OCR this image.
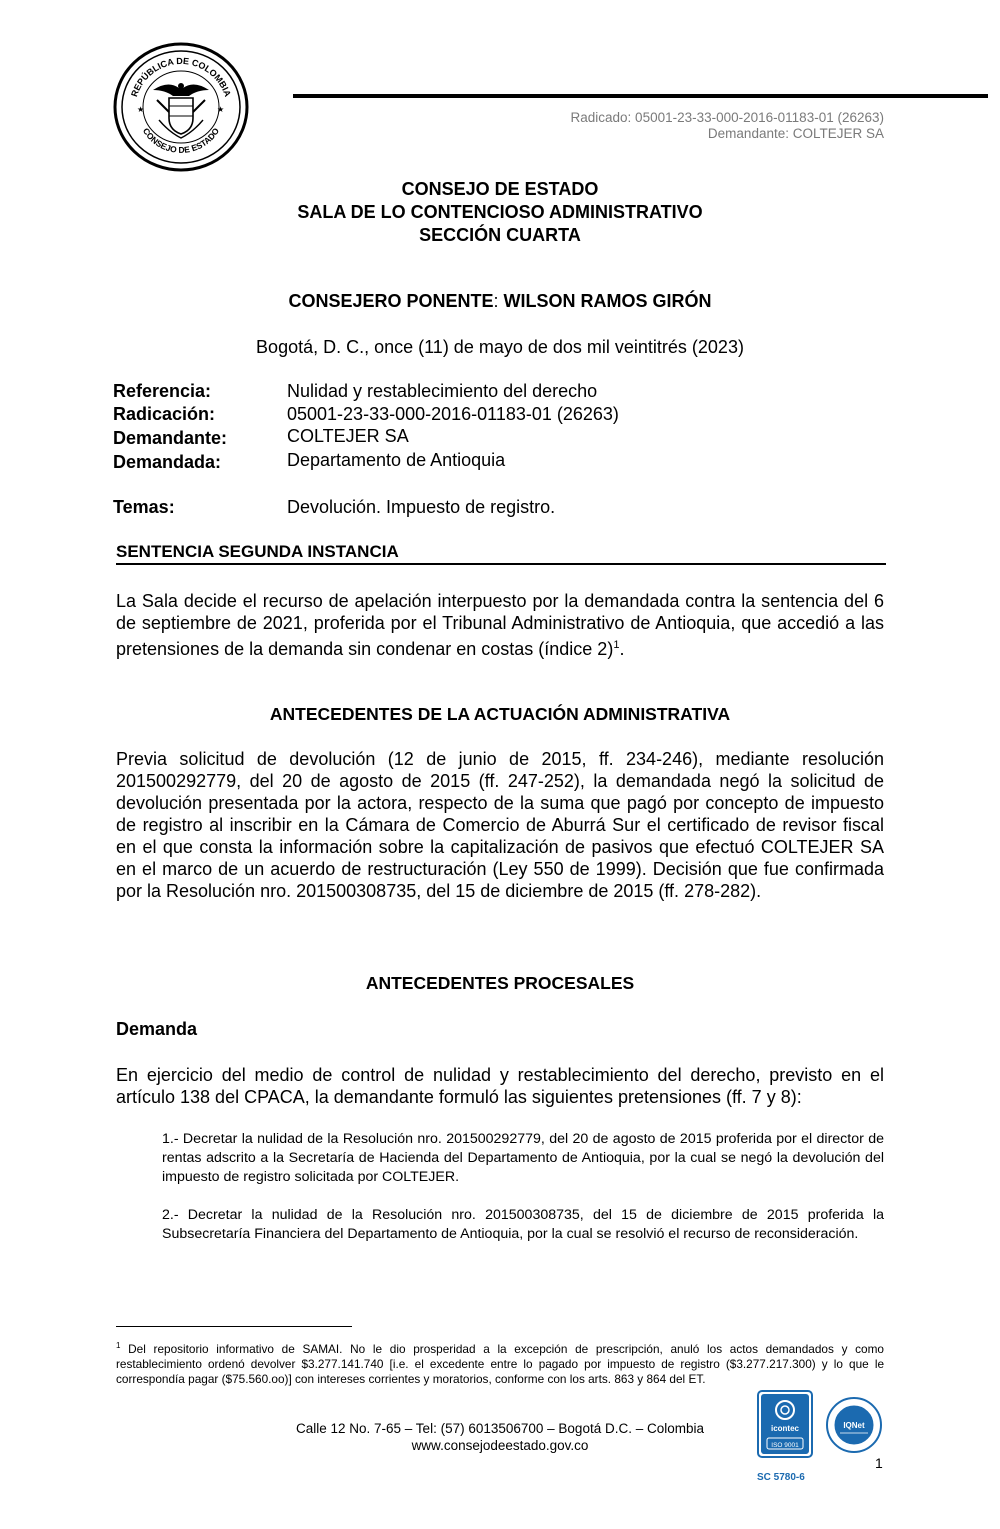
REPÚBLICA DE COLOMBIA
CONSEJO DE ESTADO
★	★
Radicado: 05001-23-33-000-2016-01183-01 (26263)
Demandante: COLTEJER SA
CONSEJO DE ESTADO
SALA DE LO CONTENCIOSO ADMINISTRATIVO
SECCIÓN CUARTA
CONSEJERO PONENTE: WILSON RAMOS GIRÓN
Bogotá, D. C., once (11) de mayo de dos mil veintitrés (2023)
Referencia:	Nulidad y restablecimiento del derecho
Radicación:	05001-23-33-000-2016-01183-01 (26263)
Demandante:	COLTEJER SA
Demandada:	Departamento de Antioquia
Temas:	Devolución. Impuesto de registro.
SENTENCIA SEGUNDA INSTANCIA
La Sala decide el recurso de apelación interpuesto por la demandada contra la sentencia del 6 de septiembre de 2021, proferida por el Tribunal Administrativo de Antioquia, que accedió a las pretensiones de la demanda sin condenar en costas (índice 2)$^1$.
ANTECEDENTES DE LA ACTUACIÓN ADMINISTRATIVA
Previa solicitud de devolución (12 de junio de 2015, ff. 234-246), mediante resolución 201500292779, del 20 de agosto de 2015 (ff. 247-252), la demandada negó la solicitud de devolución presentada por la actora, respecto de la suma que pagó por concepto de impuesto de registro al inscribir en la Cámara de Comercio de Aburrá Sur el certificado de revisor fiscal en el que consta la información sobre la capitalización de pasivos que efectuó COLTEJER SA en el marco de un acuerdo de restructuración (Ley 550 de 1999). Decisión que fue confirmada por la Resolución nro. 201500308735, del 15 de diciembre de 2015 (ff. 278-282).
ANTECEDENTES PROCESALES
Demanda
En ejercicio del medio de control de nulidad y restablecimiento del derecho, previsto en el artículo 138 del CPACA, la demandante formuló las siguientes pretensiones (ff. 7 y 8):
1.- Decretar la nulidad de la Resolución nro. 201500292779, del 20 de agosto de 2015 proferida por el director de rentas adscrito a la Secretaría de Hacienda del Departamento de Antioquia, por la cual se negó la devolución del impuesto de registro solicitada por COLTEJER.
2.- Decretar la nulidad de la Resolución nro. 201500308735, del 15 de diciembre de 2015 proferida la Subsecretaría Financiera del Departamento de Antioquia, por la cual se resolvió el recurso de reconsideración.
$^1$ Del repositorio informativo de SAMAI. No le dio prosperidad a la excepción de prescripción, anuló los actos demandados y como restablecimiento ordenó devolver $3.277.141.740 [i.e. el excedente entre lo pagado por impuesto de registro ($3.277.217.300) y lo que le correspondía pagar ($75.560.oo)] con intereses corrientes y moratorios, conforme con los arts. 863 y 864 del ET.
Calle 12 No. 7-65 – Tel: (57) 6013506700 – Bogotá D.C. – Colombia
www.consejodeestado.gov.co
icontec
ISO 9001
SC 5780-6
IQNet
1
